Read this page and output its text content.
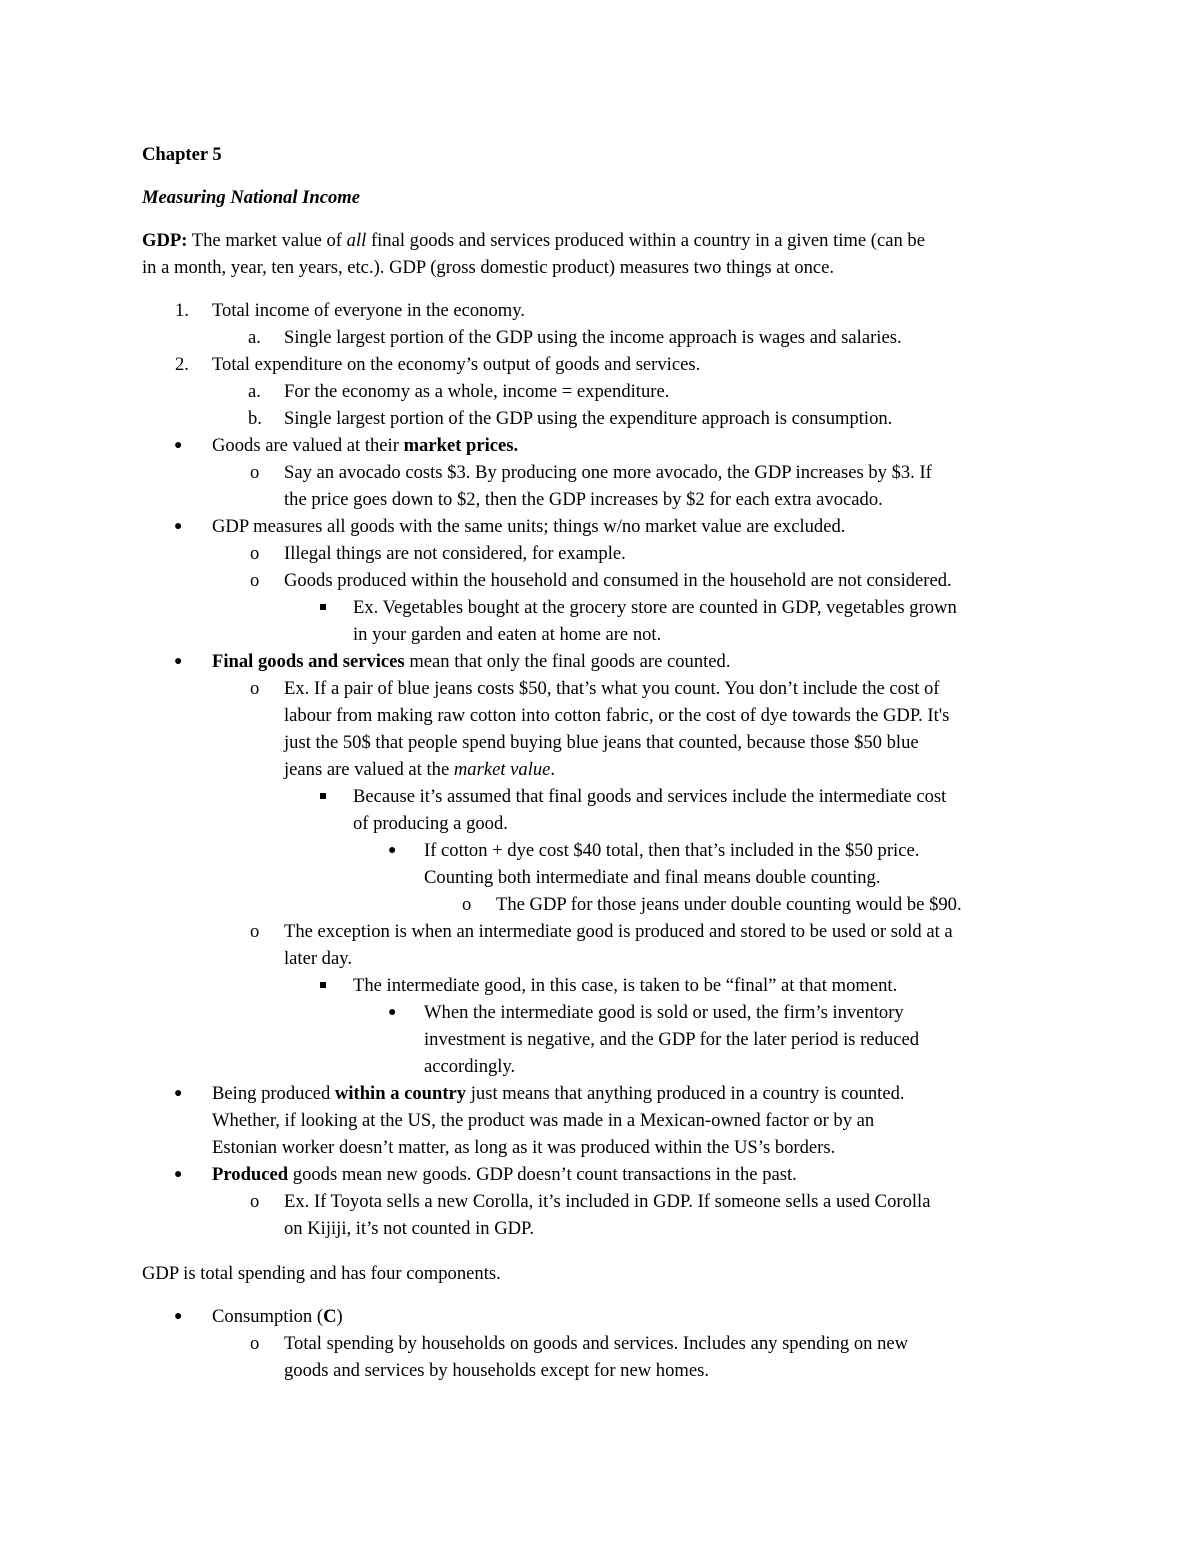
Chapter 5
Measuring National Income
GDP: The market value of all final goods and services produced within a country in a given time (can be
in a month, year, ten years, etc.). GDP (gross domestic product) measures two things at once.
1. Total income of everyone in the economy.
a. Single largest portion of the GDP using the income approach is wages and salaries.
2. Total expenditure on the economy’s output of goods and services.
a. For the economy as a whole, income = expenditure.
b. Single largest portion of the GDP using the expenditure approach is consumption.
● Goods are valued at their market prices.
o Say an avocado costs $3. By producing one more avocado, the GDP increases by $3. If
the price goes down to $2, then the GDP increases by $2 for each extra avocado.
● GDP measures all goods with the same units; things w/no market value are excluded.
o Illegal things are not considered, for example.
o Goods produced within the household and consumed in the household are not considered.
Ex. Vegetables bought at the grocery store are counted in GDP, vegetables grown
in your garden and eaten at home are not.
● Final goods and services mean that only the final goods are counted.
o Ex. If a pair of blue jeans costs $50, that’s what you count. You don’t include the cost of
labour from making raw cotton into cotton fabric, or the cost of dye towards the GDP. It's
just the 50$ that people spend buying blue jeans that counted, because those $50 blue
jeans are valued at the market value.
Because it’s assumed that final goods and services include the intermediate cost
of producing a good.
● If cotton + dye cost $40 total, then that’s included in the $50 price.
Counting both intermediate and final means double counting.
o The GDP for those jeans under double counting would be $90.
o The exception is when an intermediate good is produced and stored to be used or sold at a
later day.
The intermediate good, in this case, is taken to be “final” at that moment.
● When the intermediate good is sold or used, the firm’s inventory
investment is negative, and the GDP for the later period is reduced
accordingly.
● Being produced within a country just means that anything produced in a country is counted.
Whether, if looking at the US, the product was made in a Mexican-owned factor or by an
Estonian worker doesn’t matter, as long as it was produced within the US’s borders.
● Produced goods mean new goods. GDP doesn’t count transactions in the past.
o Ex. If Toyota sells a new Corolla, it’s included in GDP. If someone sells a used Corolla
on Kijiji, it’s not counted in GDP.
GDP is total spending and has four components.
● Consumption (C)
o Total spending by households on goods and services. Includes any spending on new
goods and services by households except for new homes.
